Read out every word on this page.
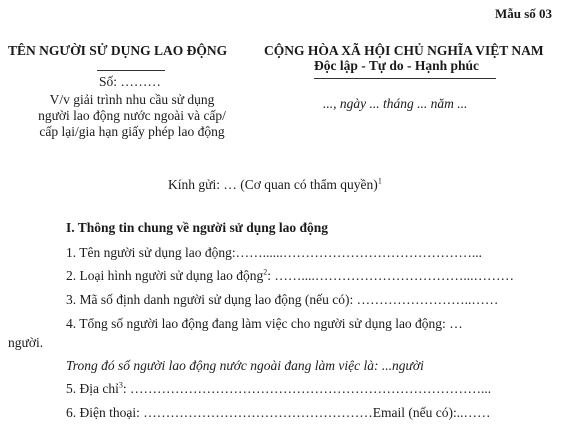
Mẫu số 03
TÊN NGƯỜI SỬ DỤNG LAO ĐỘNG
Số: ………
V/v giải trình nhu cầu sử dụng
người lao động nước ngoài và cấp/
cấp lại/gia hạn giấy phép lao động
CỘNG HÒA XÃ HỘI CHỦ NGHĨA VIỆT NAM
Độc lập - Tự do - Hạnh phúc
..., ngày ... tháng ... năm ...
Kính gửi: … (Cơ quan có thẩm quyền)$^1$
I. Thông tin chung về người sử dụng lao động
1. Tên người sử dụng lao động:……......……………………………………...
2. Loại hình người sử dụng lao động$^2$: ……....……………………………...………
3. Mã số định danh người sử dụng lao động (nếu có): ……………………..……
4. Tổng số người lao động đang làm việc cho người sử dụng lao động: …
người.
Trong đó số người lao động nước ngoài đang làm việc là: ...người
5. Địa chỉ$^3$: ……………………………………………………………………...
6. Điện thoại: ……………………………………………Email (nếu có):..……
